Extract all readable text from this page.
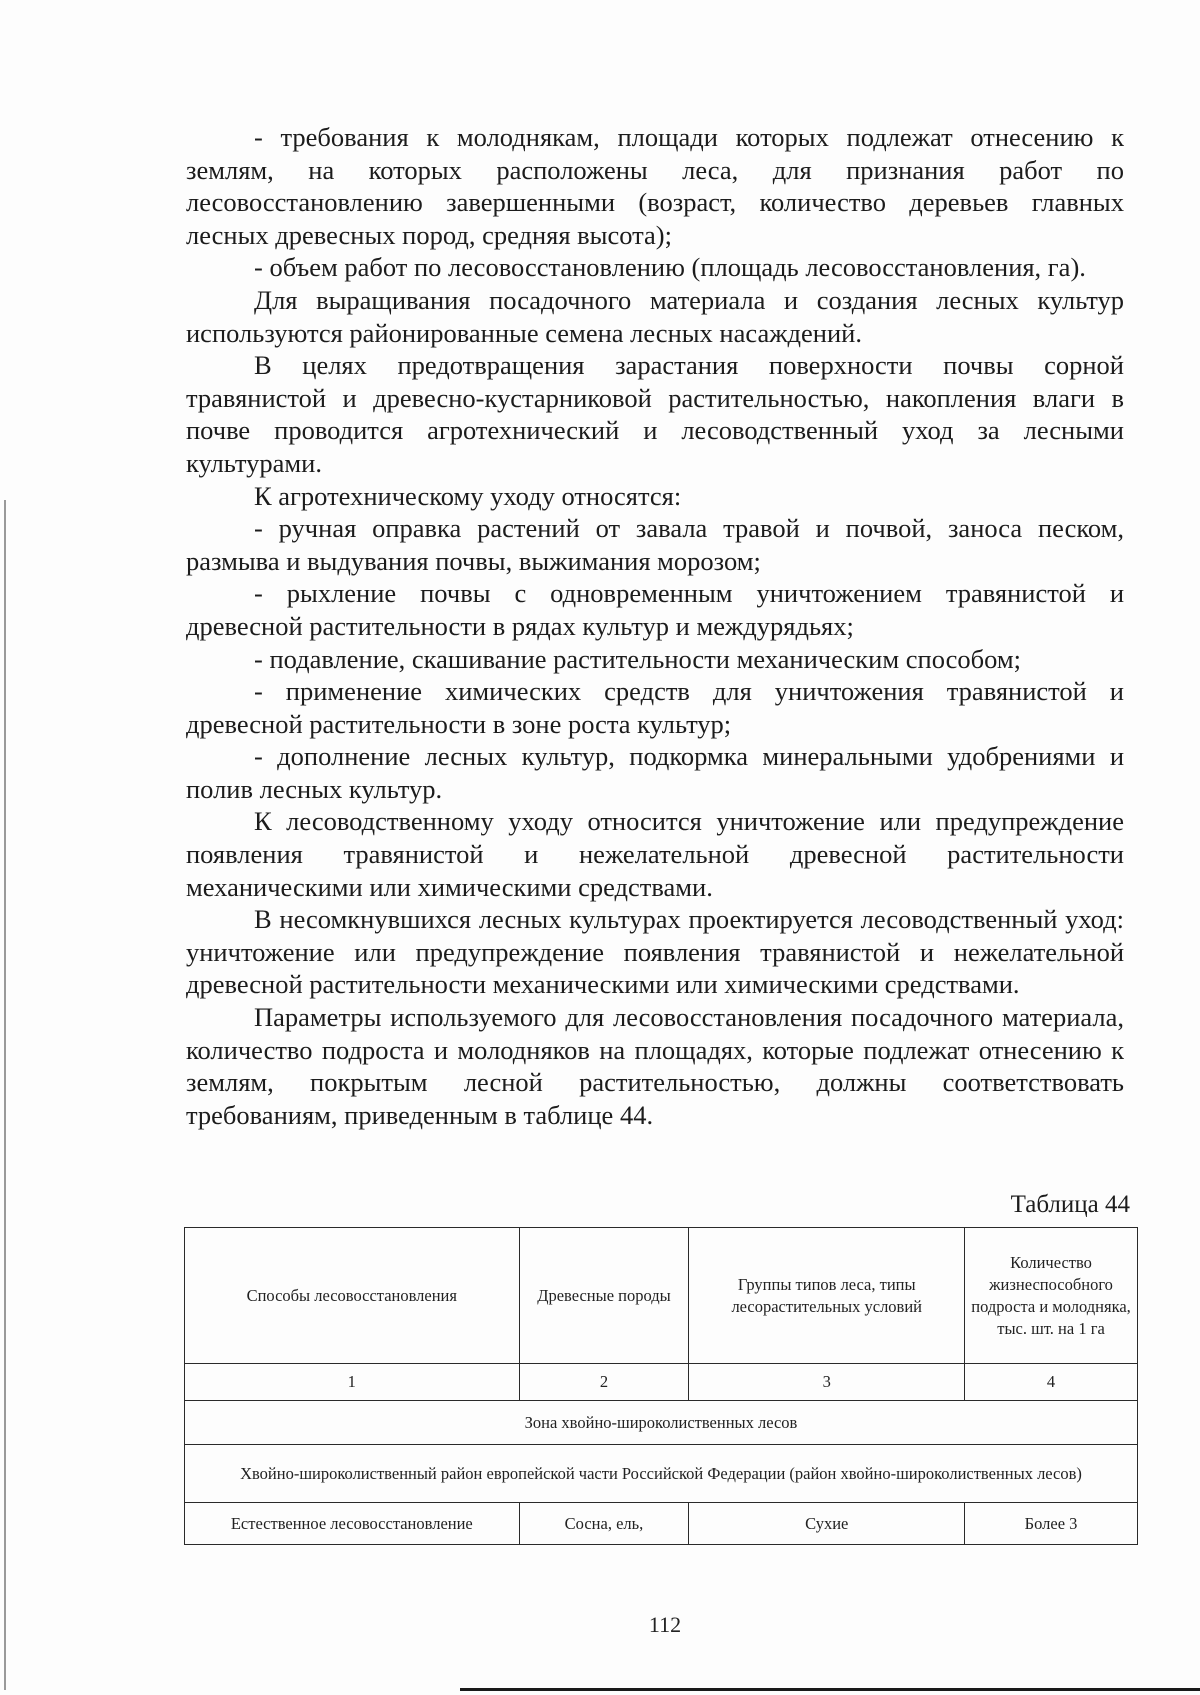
- требования к молоднякам, площади которых подлежат отнесению к землям, на которых расположены леса, для признания работ по лесовосстановлению завершенными (возраст, количество деревьев главных лесных древесных пород, средняя высота);

- объем работ по лесовосстановлению (площадь лесовосстановления, га).

Для выращивания посадочного материала и создания лесных культур используются районированные семена лесных насаждений.

В целях предотвращения зарастания поверхности почвы сорной травянистой и древесно-кустарниковой растительностью, накопления влаги в почве проводится агротехнический и лесоводственный уход за лесными культурами.

К агротехническому уходу относятся:

- ручная оправка растений от завала травой и почвой, заноса песком, размыва и выдувания почвы, выжимания морозом;

- рыхление почвы с одновременным уничтожением травянистой и древесной растительности в рядах культур и междурядьях;

- подавление, скашивание растительности механическим способом;

- применение химических средств для уничтожения травянистой и древесной растительности в зоне роста культур;

- дополнение лесных культур, подкормка минеральными удобрениями и полив лесных культур.

К лесоводственному уходу относится уничтожение или предупреждение появления травянистой и нежелательной древесной растительности механическими или химическими средствами.

В несомкнувшихся лесных культурах проектируется лесоводственный уход: уничтожение или предупреждение появления травянистой и нежелательной древесной растительности механическими или химическими средствами.

Параметры используемого для лесовосстановления посадочного материала, количество подроста и молодняков на площадях, которые подлежат отнесению к землям, покрытым лесной растительностью, должны соответствовать требованиям, приведенным в таблице 44.

Таблица 44
Способы лесовосстановления	Древесные породы	Группы типов леса, типы лесорастительных условий	Количество жизнеспособного подроста и молодняка, тыс. шт. на 1 га
1	2	3	4
Зона хвойно-широколиственных лесов			
Хвойно-широколиственный район европейской части Российской Федерации (район хвойно-широколиственных лесов)			
Естественное лесовосстановление	Сосна, ель,	Сухие	Более 3
112
